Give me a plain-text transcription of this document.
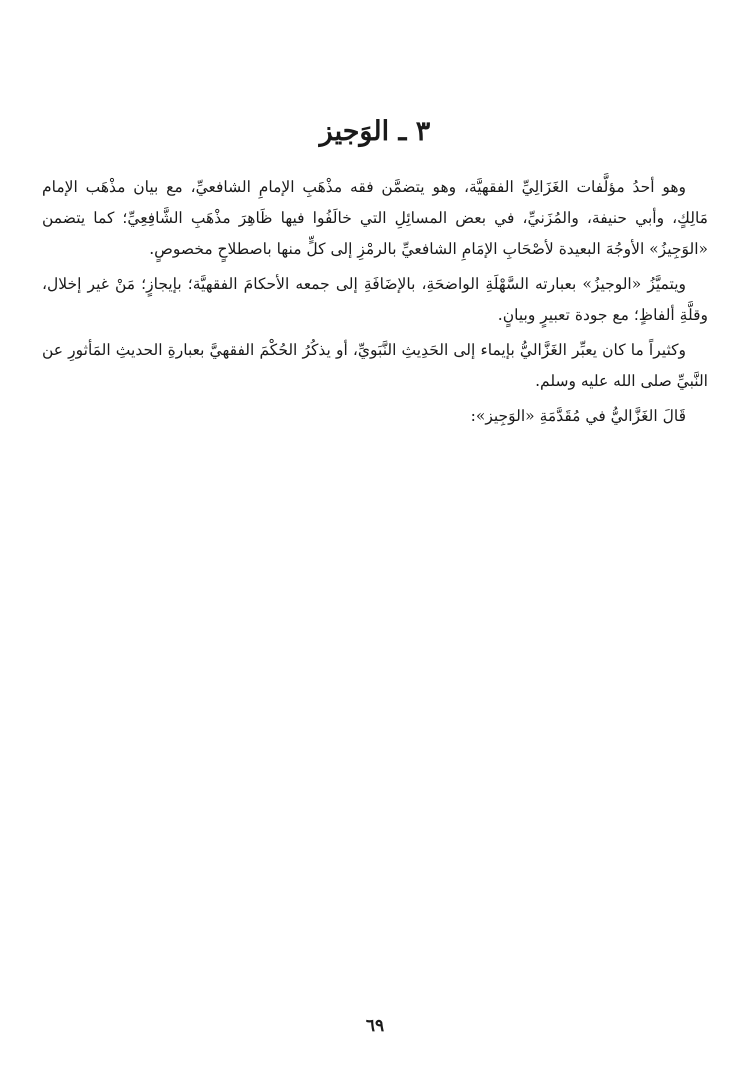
٣ ـ الوَجيز

وهو أحدُ مؤلَّفات الغَزَالِيِّ الفقهيَّة، وهو يتضمَّن فقه مذْهَبِ الإمامِ الشافعيِّ، مع بيان مذْهَب الإمام مَالِكٍ، وأبي حنيفة، والمُزَنيِّ، في بعض المسائِلِ التي خالَفُوا فيها ظَاهِرَ مذْهَبِ الشَّافِعِيِّ؛ كما يتضمن «الوَجِيزُ» الأوجُهَ البعيدة لأصْحَابِ الإمَامِ الشافعيِّ بالرمْزِ إلى كلٍّ منها باصطلاحٍ مخصوصٍ.

ويتميَّزُ «الوجيزُ» بعبارته السَّهْلَةِ الواضحَةِ، بالإضَافَةِ إلى جمعه الأحكامَ الفقهيَّة؛ بإيجازٍ؛ مَنْ غير إخلال، وقلَّةِ ألفاظٍ؛ مع جودة تعبيرٍ وبيانٍ.

وكثيراً ما كان يعبِّر الغَزَّاليُّ بإيماء إلى الحَدِيثِ النَّبَويِّ، أو يذكُرُ الحُكْمَ الفقهيَّ بعبارةِ الحديثِ المَأثورِ عن النَّبيِّ صلى الله عليه وسلم.

قَالَ الغَزَّاليُّ في مُقَدَّمَةِ «الوَجِيز»:

٦٩
